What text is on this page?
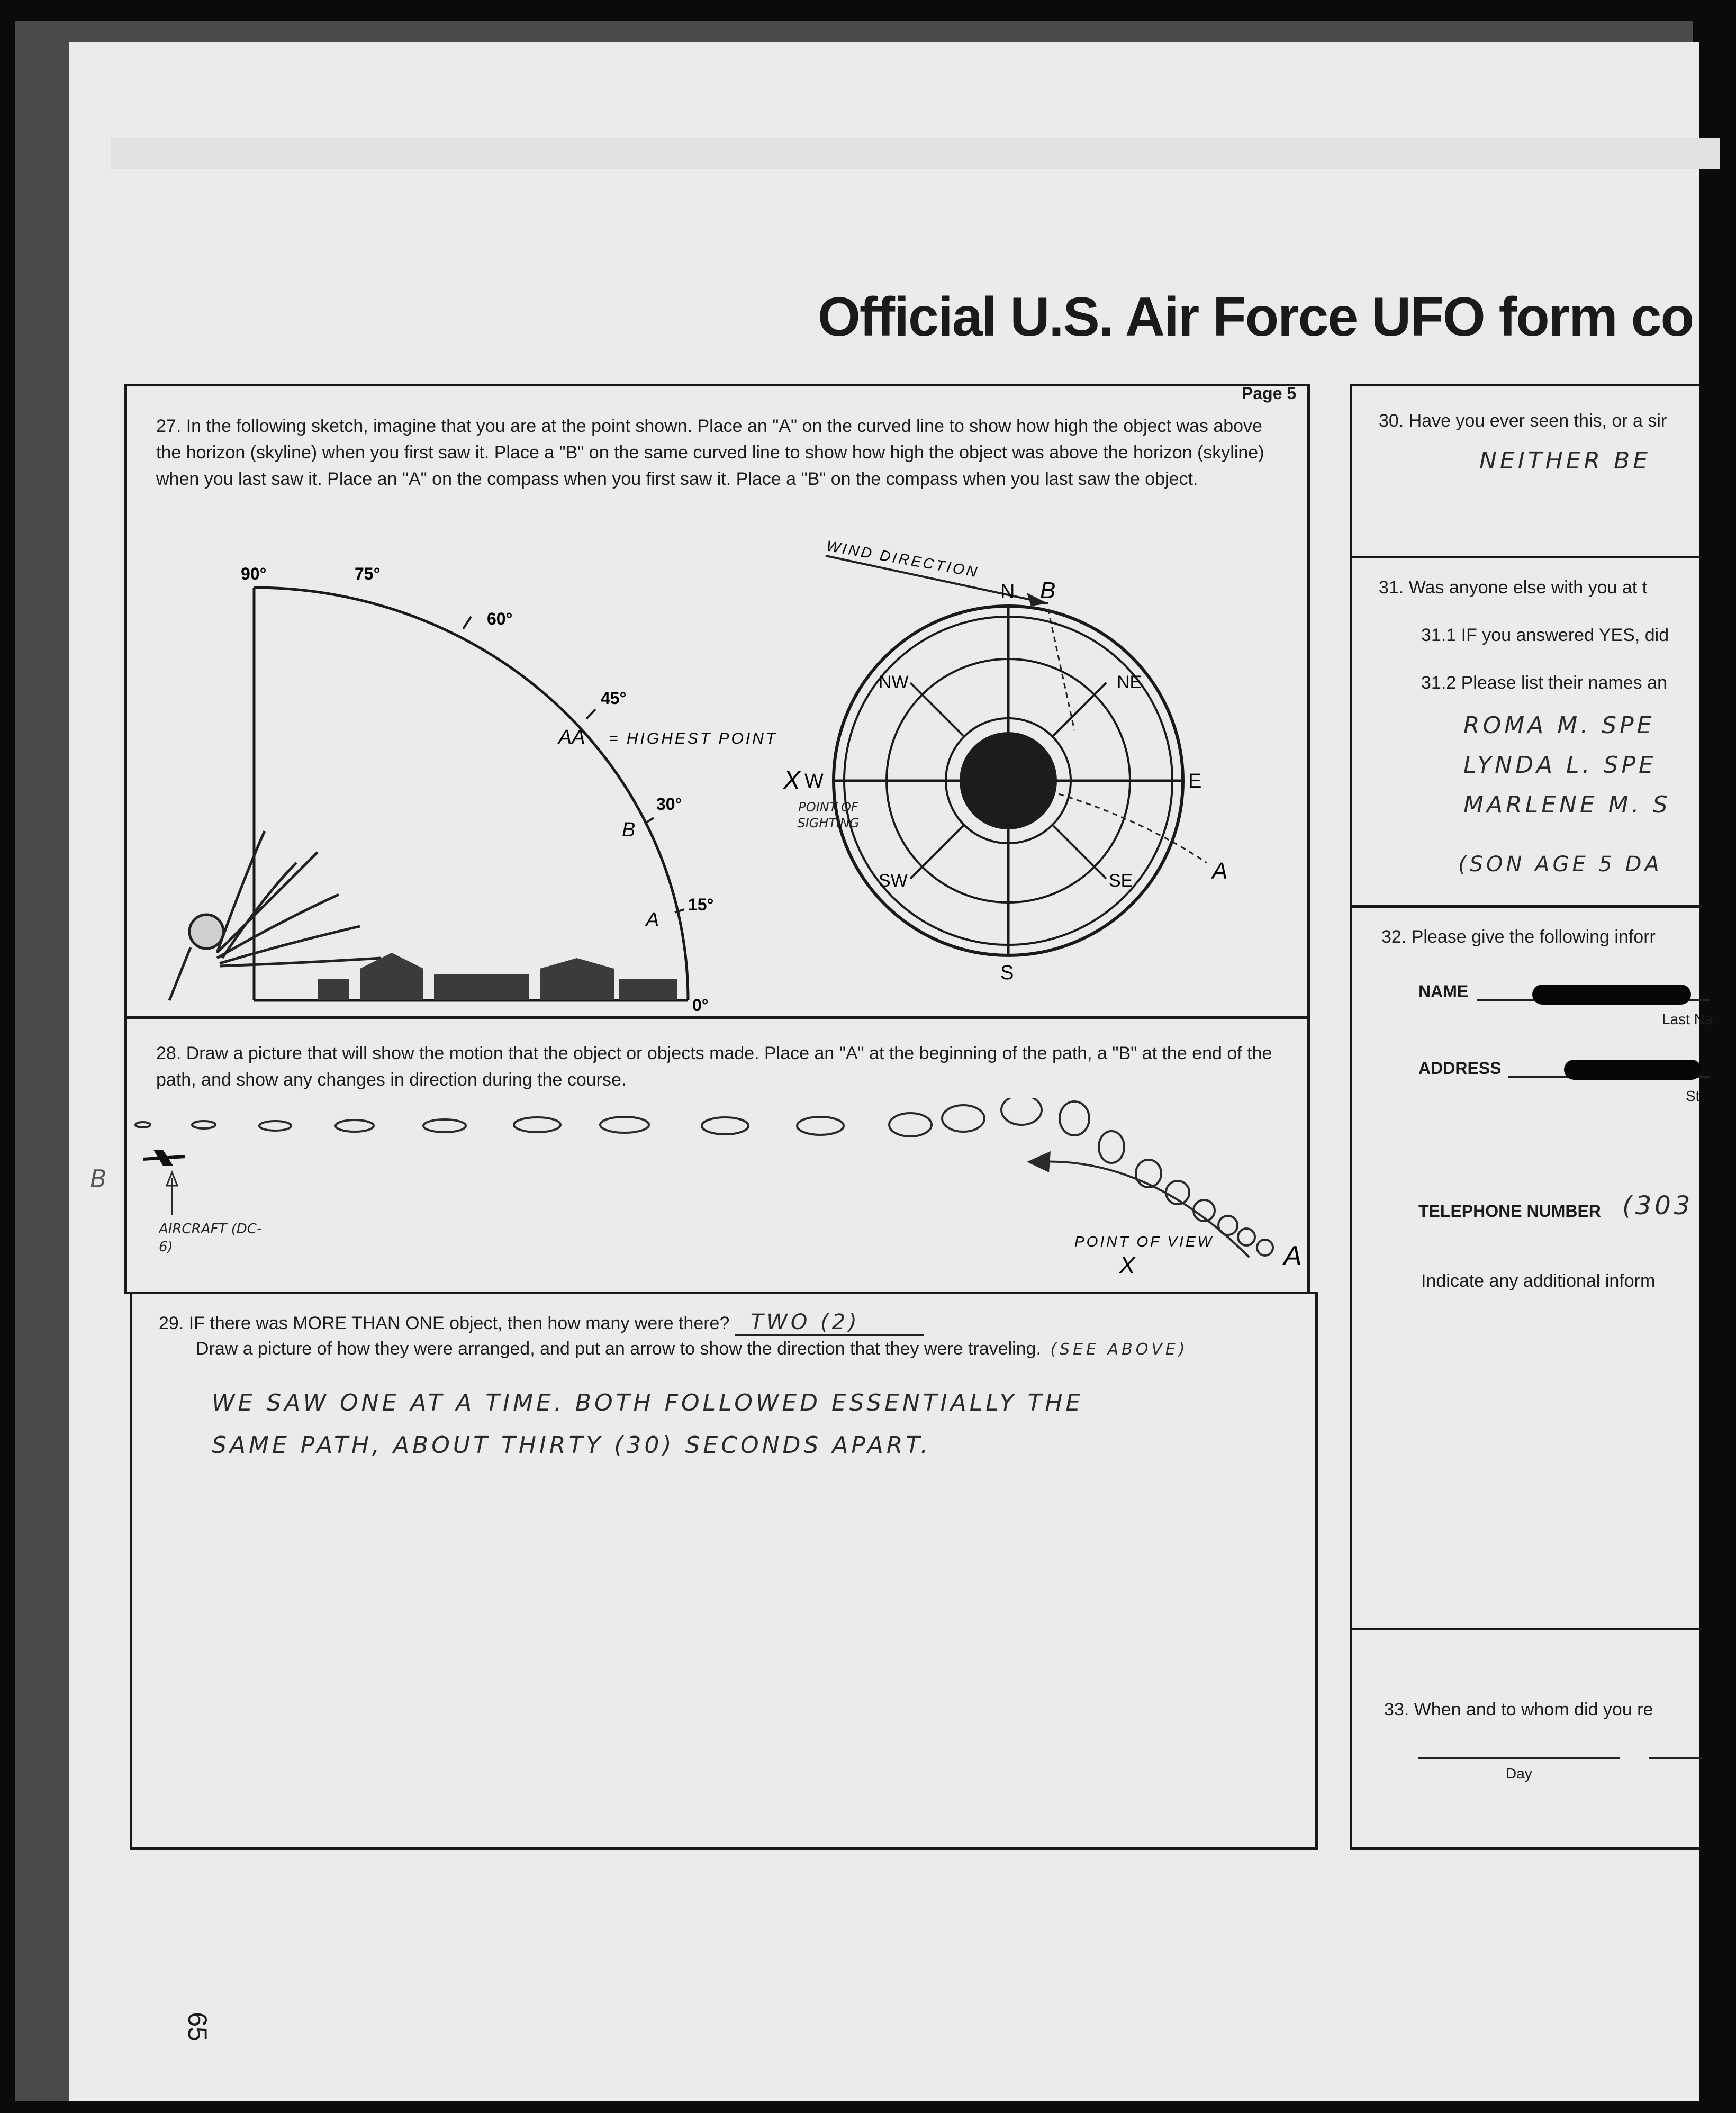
Official U.S. Air Force UFO form co
Page 5
27. In the following sketch, imagine that you are at the point shown. Place an "A" on the curved line to show how high the object was above the horizon (skyline) when you first saw it. Place a "B" on the same curved line to show how high the object was above the horizon (skyline) when you last saw it. Place an "A" on the compass when you first saw it. Place a "B" on the compass when you last saw the object.
90°	75°
60°
45°
30°
15°
0°
AA = HIGHEST POINT
B
A
WIND DIRECTION
N
NE
E
SE
S
SW
W
NW
B
X
A
POINT OF SIGHTING
28. Draw a picture that will show the motion that the object or objects made. Place an "A" at the beginning of the path, a "B" at the end of the path, and show any changes in direction during the course.
A
POINT OF VIEW
X
AIRCRAFT (DC-6)
B
29. IF there was MORE THAN ONE object, then how many were there? TWO (2)
Draw a picture of how they were arranged, and put an arrow to show the direction that they were traveling. (SEE ABOVE)
WE SAW ONE AT A TIME. BOTH FOLLOWED ESSENTIALLY THE
SAME PATH, ABOUT THIRTY (30) SECONDS APART.
30. Have you ever seen this, or a sir
NEITHER BE
31. Was anyone else with you at t
31.1 IF you answered YES, did
31.2 Please list their names an
ROMA M. SPE
LYNDA L. SPE
MARLENE M. S
(SON AGE 5 DA
32. Please give the following inforr
NAME
Last Na
ADDRESS
St
TELEPHONE NUMBER (303
Indicate any additional inform
33. When and to whom did you re
Day
65
